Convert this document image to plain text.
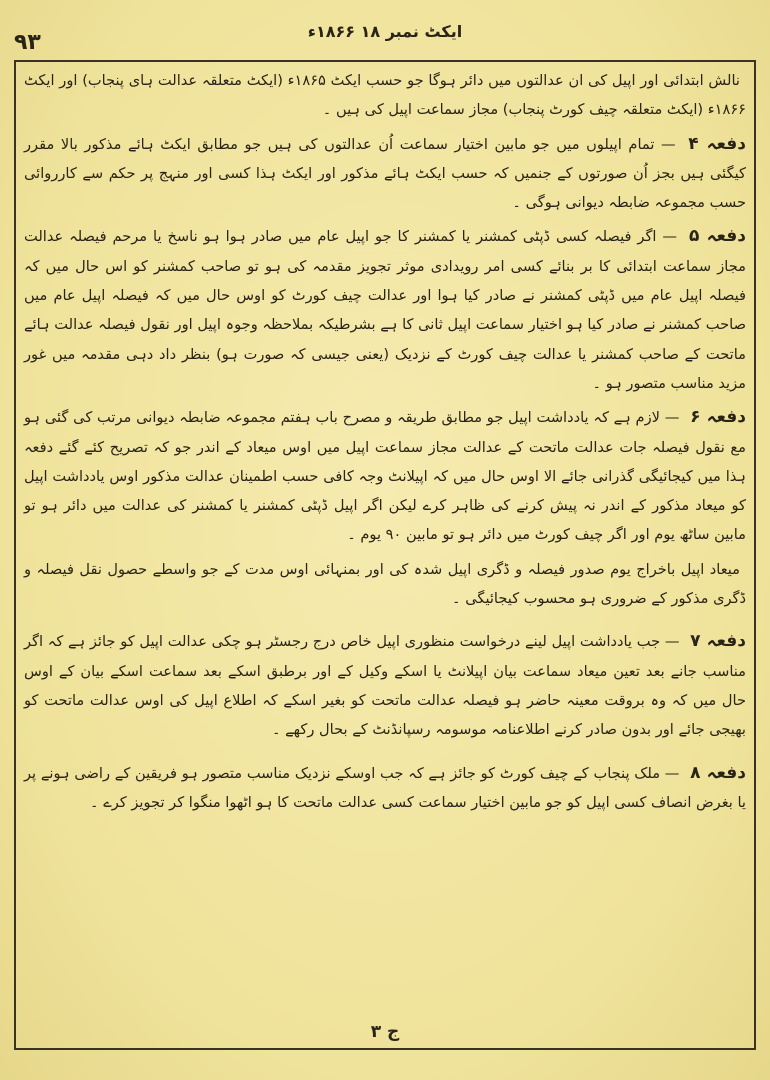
۹۳	ایکٹ نمبر ۱۸ ۱۸۶۶ء

نالش ابتدائی اور اپیل کی ان عدالتوں میں دائر ہوگا جو حسب ایکٹ ۱۸۶۵ء (ایکٹ متعلقہ عدالت ہای پنجاب) اور ایکٹ ۱۸۶۶ء (ایکٹ متعلقہ چیف کورٹ پنجاب) مجاز سماعت اپیل کی ہیں ۔

دفعہ ۴ — تمام اپیلوں میں جو مابین اختیار سماعت اُن عدالتوں کی ہیں جو مطابق ایکٹ ہائے مذکور بالا مقرر کیگئی ہیں بجز اُن صورتوں کے جنمیں کہ حسب ایکٹ ہائے مذکور اور ایکٹ ہذا کسی اور منہج پر حکم سے کارروائی حسب مجموعہ ضابطہ دیوانی ہوگی ۔

دفعہ ۵ — اگر فیصلہ کسی ڈپٹی کمشنر یا کمشنر کا جو اپیل عام میں صادر ہوا ہو ناسخ یا مرحم فیصلہ عدالت مجاز سماعت ابتدائی کا بر بنائے کسی امر رویدادی موثر تجویز مقدمہ کی ہو تو صاحب کمشنر کو اس حال میں کہ فیصلہ اپیل عام میں ڈپٹی کمشنر نے صادر کیا ہوا اور عدالت چیف کورٹ کو اوس حال میں کہ فیصلہ اپیل عام میں صاحب کمشنر نے صادر کیا ہو اختیار سماعت اپیل ثانی کا ہے بشرطیکہ بملاحظہ وجوہ اپیل اور نقول فیصلہ عدالت ہائے ماتحت کے صاحب کمشنر یا عدالت چیف کورٹ کے نزدیک (یعنی جیسی کہ صورت ہو) بنظر داد دہی مقدمہ میں غور مزید مناسب متصور ہو ۔

دفعہ ۶ — لازم ہے کہ یادداشت اپیل جو مطابق طریقہ و مصرح باب ہفتم مجموعہ ضابطہ دیوانی مرتب کی گئی ہو مع نقول فیصلہ جات عدالت ماتحت کے عدالت مجاز سماعت اپیل میں اوس میعاد کے اندر جو کہ تصریح کئے گئے دفعہ ہذا میں کیجائیگی گذرانی جائے الا اوس حال میں کہ اپیلانٹ وجہ کافی حسب اطمینان عدالت مذکور اوس یادداشت اپیل کو میعاد مذکور کے اندر نہ پیش کرنے کی ظاہر کرے لیکن اگر اپیل ڈپٹی کمشنر یا کمشنر کی عدالت میں دائر ہو تو مابین ساٹھ یوم اور اگر چیف کورٹ میں دائر ہو تو مابین ۹۰ یوم ۔

میعاد اپیل باخراج یوم صدور فیصلہ و ڈگری اپیل شدہ کی اور بمنہائی اوس مدت کے جو واسطے حصول نقل فیصلہ و ڈگری مذکور کے ضروری ہو محسوب کیجائیگی ۔

دفعہ ۷ — جب یادداشت اپیل لینے درخواست منظوری اپیل خاص درج رجسٹر ہو چکی عدالت اپیل کو جائز ہے کہ اگر مناسب جانے بعد تعین میعاد سماعت بیان اپیلانٹ یا اسکے وکیل کے اور برطبق اسکے بعد سماعت اسکے بیان کے اوس حال میں کہ وہ بروقت معینہ حاضر ہو فیصلہ عدالت ماتحت کو بغیر اسکے کہ اطلاع اپیل کی اوس عدالت ماتحت کو بھیجی جائے اور بدون صادر کرنے اطلاعنامہ موسومہ رسپانڈنٹ کے بحال رکھے ۔

دفعہ ۸ — ملک پنجاب کے چیف کورٹ کو جائز ہے کہ جب اوسکے نزدیک مناسب متصور ہو فریقین کے راضی ہونے پر یا بغرض انصاف کسی اپیل کو جو مابین اختیار سماعت کسی عدالت ماتحت کا ہو اٹھوا منگوا کر تجویز کرے ۔

ج ۳
